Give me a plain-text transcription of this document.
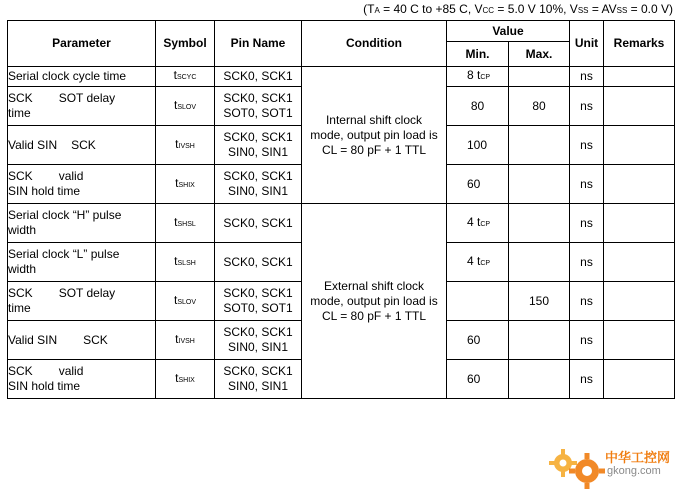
(TA = 40 C to +85 C, VCC = 5.0 V 10%, VSS = AVSS = 0.0 V)
Parameter	Symbol	Pin Name	Condition	Value		Unit	Remarks
				Min.	Max.		
Serial clock cycle time	tSCYC	SCK0, SCK1	Internal shift clock
mode, output pin load is
CL = 80 pF + 1 TTL	8 tCP		ns	
SCK SOT delay
time	tSLOV	SCK0, SCK1
SOT0, SOT1		80	80	ns	
Valid SIN SCK	tIVSH	SCK0, SCK1
SIN0, SIN1		100		ns	
SCK valid
SIN hold time	tSHIX	SCK0, SCK1
SIN0, SIN1		60		ns	
Serial clock “H” pulse
width	tSHSL	SCK0, SCK1	External shift clock
mode, output pin load is
CL = 80 pF + 1 TTL	4 tCP		ns	
Serial clock “L” pulse
width	tSLSH	SCK0, SCK1		4 tCP		ns	
SCK SOT delay
time	tSLOV	SCK0, SCK1
SOT0, SOT1			150	ns	
Valid SIN SCK	tIVSH	SCK0, SCK1
SIN0, SIN1		60		ns	
SCK valid
SIN hold time	tSHIX	SCK0, SCK1
SIN0, SIN1		60		ns	
中华工控网
gkong.com
